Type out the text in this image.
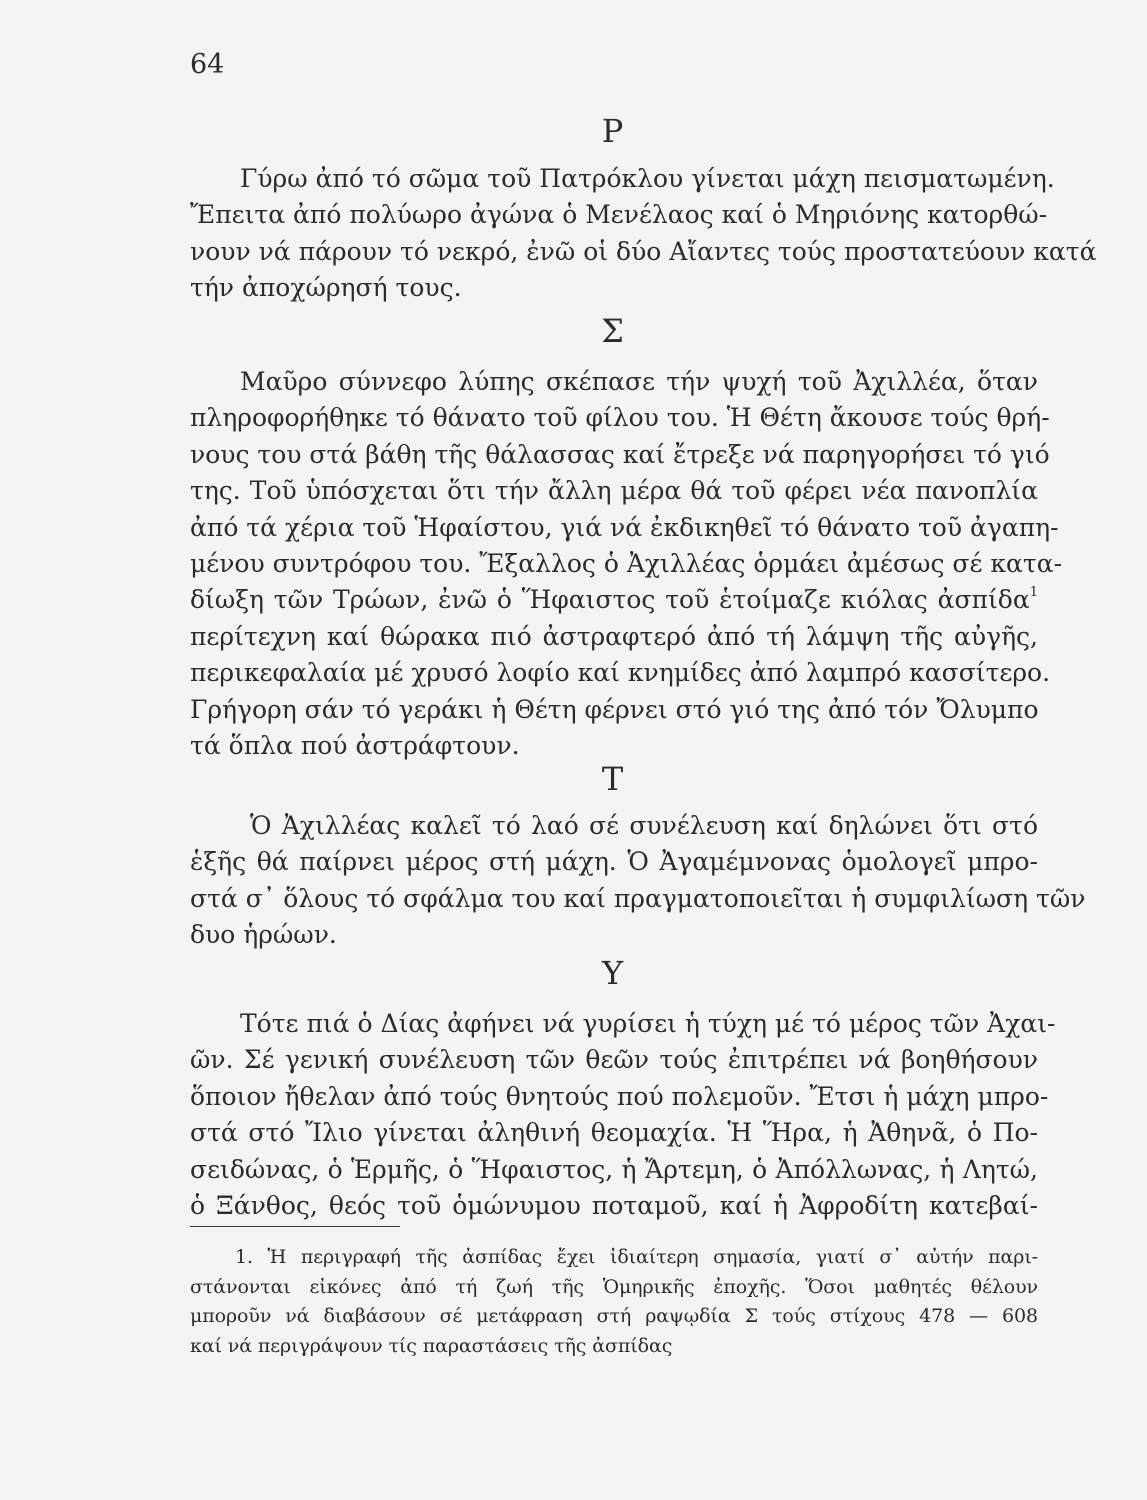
64
Ρ
Γύρω ἀπό τό σῶμα τοῦ Πατρόκλου γίνεται μάχη πεισματωμένη.
Ἔπειτα ἀπό πολύωρο ἀγώνα ὁ Μενέλαος καί ὁ Μηριόνης κατορθώ-
νουν νά πάρουν τό νεκρό, ἐνῶ οἱ δύο Αἴαντες τούς προστατεύουν κατά
τήν ἀποχώρησή τους.
Σ
Μαῦρο σύννεφο λύπης σκέπασε τήν ψυχή τοῦ Ἀχιλλέα, ὅταν
πληροφορήθηκε τό θάνατο τοῦ φίλου του. Ἡ Θέτη ἄκουσε τούς θρή-
νους του στά βάθη τῆς θάλασσας καί ἔτρεξε νά παρηγορήσει τό γιό
της. Τοῦ ὑπόσχεται ὅτι τήν ἄλλη μέρα θά τοῦ φέρει νέα πανοπλία
ἀπό τά χέρια τοῦ Ἡφαίστου, γιά νά ἐκδικηθεῖ τό θάνατο τοῦ ἀγαπη-
μένου συντρόφου του. Ἔξαλλος ὁ Ἀχιλλέας ὁρμάει ἀμέσως σέ κατα-
δίωξη τῶν Τρώων, ἐνῶ ὁ Ἥφαιστος τοῦ ἑτοίμαζε κιόλας ἀσπίδα$^1$
περίτεχνη καί θώρακα πιό ἀστραφτερό ἀπό τή λάμψη τῆς αὐγῆς,
περικεφαλαία μέ χρυσό λοφίο καί κνημίδες ἀπό λαμπρό κασσίτερο.
Γρήγορη σάν τό γεράκι ἡ Θέτη φέρνει στό γιό της ἀπό τόν Ὄλυμπο
τά ὅπλα πού ἀστράφτουν.
Τ
Ὁ Ἀχιλλέας καλεῖ τό λαό σέ συνέλευση καί δηλώνει ὅτι στό
ἑξῆς θά παίρνει μέρος στή μάχη. Ὁ Ἀγαμέμνονας ὁμολογεῖ μπρο-
στά σ᾽ ὅλους τό σφάλμα του καί πραγματοποιεῖται ἡ συμφιλίωση τῶν
δυο ἡρώων.
Υ
Τότε πιά ὁ Δίας ἀφήνει νά γυρίσει ἡ τύχη μέ τό μέρος τῶν Ἀχαι-
ῶν. Σέ γενική συνέλευση τῶν θεῶν τούς ἐπιτρέπει νά βοηθήσουν
ὅποιον ἤθελαν ἀπό τούς θνητούς πού πολεμοῦν. Ἔτσι ἡ μάχη μπρο-
στά στό Ἴλιο γίνεται ἀληθινή θεομαχία. Ἡ Ἥρα, ἡ Ἀθηνᾶ, ὁ Πο-
σειδώνας, ὁ Ἑρμῆς, ὁ Ἥφαιστος, ἡ Ἄρτεμη, ὁ Ἀπόλλωνας, ἡ Λητώ,
ὁ Ξάνθος, θεός τοῦ ὁμώνυμου ποταμοῦ, καί ἡ Ἀφροδίτη κατεβαί-
1. Ἡ περιγραφή τῆς ἀσπίδας ἔχει ἰδιαίτερη σημασία, γιατί σ᾽ αὐτήν παρι-
στάνονται εἰκόνες ἀπό τή ζωή τῆς Ὁμηρικῆς ἐποχῆς. Ὅσοι μαθητές θέλουν
μποροῦν νά διαβάσουν σέ μετάφραση στή ραψῳδία Σ τούς στίχους 478 — 608
καί νά περιγράψουν τίς παραστάσεις τῆς ἀσπίδας
